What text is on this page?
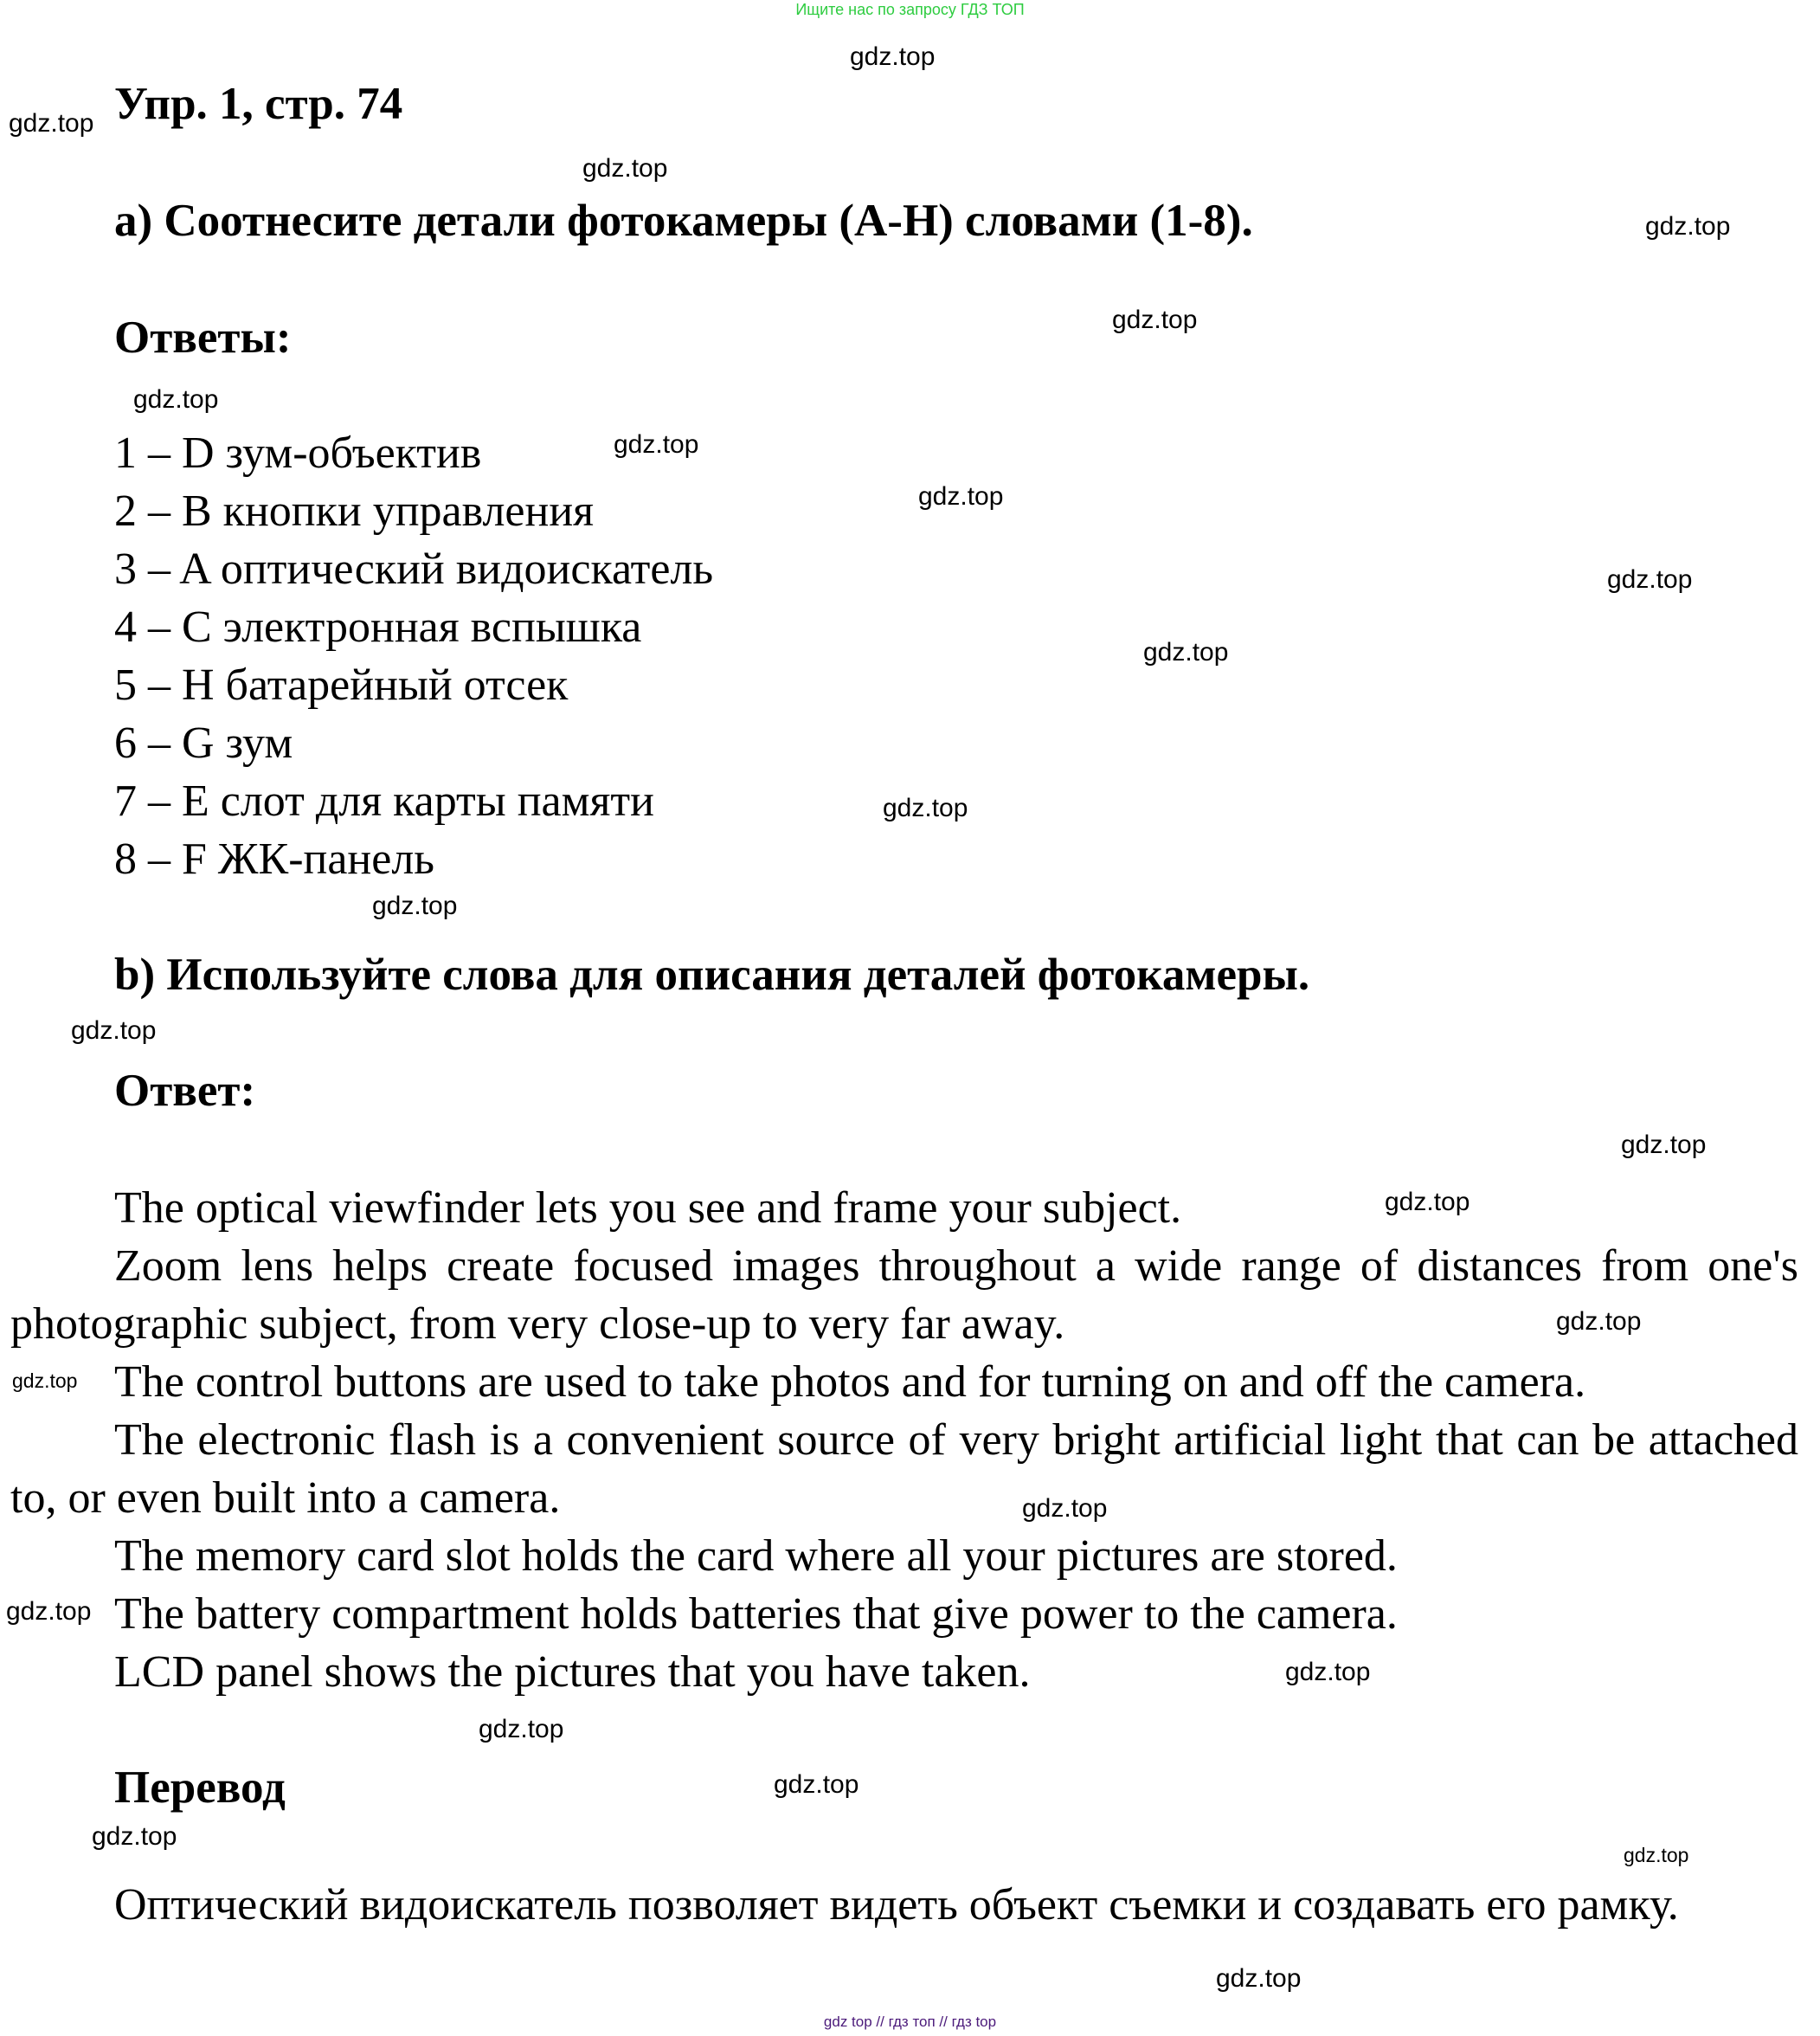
Ищите нас по запросу ГДЗ ТОП
Упр. 1, стр. 74
a) Соотнесите детали фотокамеры (A-H) словами (1-8).
Ответы:
1 – D зум-объектив
2 – B кнопки управления
3 – A оптический видоискатель
4 – C электронная вспышка
5 – H батарейный отсек
6 – G зум
7 – E слот для карты памяти
8 – F ЖК-панель
b) Используйте слова для описания деталей фотокамеры.
Ответ:

The optical viewfinder lets you see and frame your subject.

Zoom lens helps create focused images throughout a wide range of distances from one's photographic subject, from very close-up to very far away.

The control buttons are used to take photos and for turning on and off the camera.

The electronic flash is a convenient source of very bright artificial light that can be attached to, or even built into a camera.

The memory card slot holds the card where all your pictures are stored.

The battery compartment holds batteries that give power to the camera.

LCD panel shows the pictures that you have taken.

Перевод

Оптический видоискатель позволяет видеть объект съемки и создавать его рамку.

gdz.top
gdz.top
gdz.top
gdz.top
gdz.top
gdz.top
gdz.top
gdz.top
gdz.top
gdz.top
gdz.top
gdz.top
gdz.top
gdz.top
gdz.top
gdz.top
gdz.top
gdz.top
gdz.top
gdz.top
gdz.top
gdz.top
gdz.top
gdz.top
gdz.top
gdz top // гдз топ // гдз top
